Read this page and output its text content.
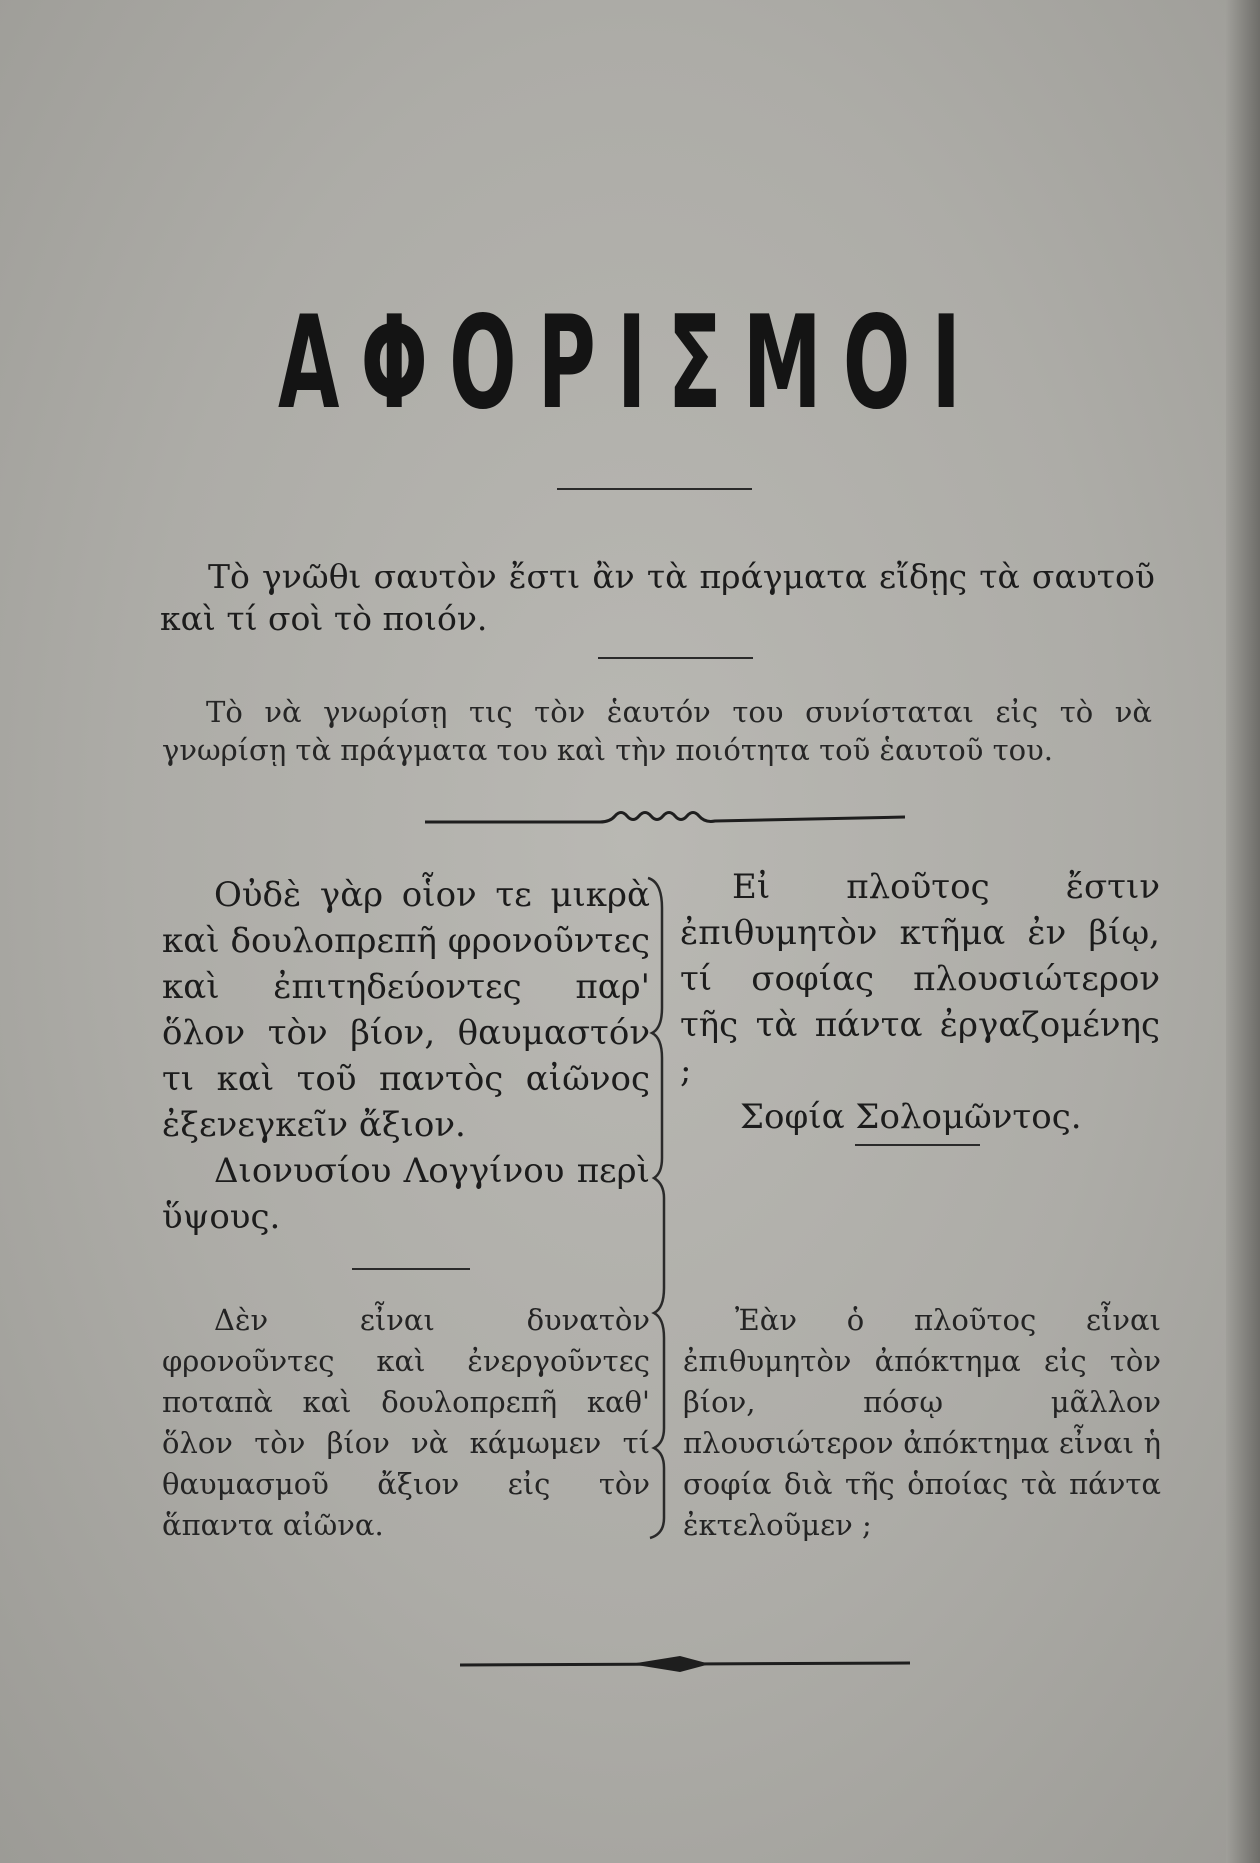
ΑΦΟΡΙΣΜΟΙ
Τὸ γνῶθι σαυτὸν ἔστι ἂν τὰ πράγματα εἴδῃς τὰ σαυτοῦ καὶ τί σοὶ τὸ ποιόν.
Τὸ νὰ γνωρίσῃ τις τὸν ἑαυτόν του συνίσταται εἰς τὸ νὰ γνωρίσῃ τὰ πράγματα του καὶ τὴν ποιότητα τοῦ ἑαυτοῦ του.

Οὐδὲ γὰρ οἷον τε μικρὰ καὶ δουλοπρεπῆ φρονοῦντες καὶ ἐπιτηδεύοντες παρ' ὅλον τὸν βίον, θαυμαστόν τι καὶ τοῦ παντὸς αἰῶνος ἐξενεγκεῖν ἄξιον.

Διονυσίου Λογγίνου περὶ ὕψους.

Δὲν εἶναι δυνατὸν φρονοῦντες καὶ ἐνεργοῦντες ποταπὰ καὶ δουλοπρεπῆ καθ' ὅλον τὸν βίον νὰ κάμωμεν τί θαυμασμοῦ ἄξιον εἰς τὸν ἅπαντα αἰῶνα.

Εἰ πλοῦτος ἔστιν ἐπιθυμητὸν κτῆμα ἐν βίῳ, τί σοφίας πλουσιώτερον τῆς τὰ πάντα ἐργαζομένης ;

Σοφία Σολομῶντος.

Ἐὰν ὁ πλοῦτος εἶναι ἐπιθυμητὸν ἀπόκτημα εἰς τὸν βίον, πόσῳ μᾶλλον πλουσιώτερον ἀπόκτημα εἶναι ἡ σοφία διὰ τῆς ὁποίας τὰ πάντα ἐκτελοῦμεν ;
